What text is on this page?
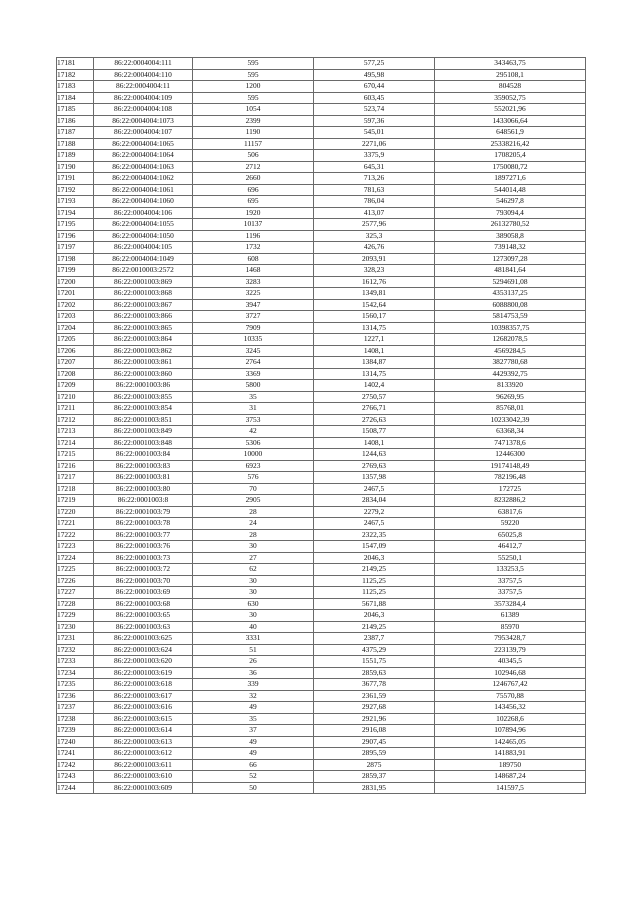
17181	86:22:0004004:111	595	577,25	343463,75
17182	86:22:0004004:110	595	495,98	295108,1
17183	86:22:0004004:11	1200	670,44	804528
17184	86:22:0004004:109	595	603,45	359052,75
17185	86:22:0004004:108	1054	523,74	552021,96
17186	86:22:0004004:1073	2399	597,36	1433066,64
17187	86:22:0004004:107	1190	545,01	648561,9
17188	86:22:0004004:1065	11157	2271,06	25338216,42
17189	86:22:0004004:1064	506	3375,9	1708205,4
17190	86:22:0004004:1063	2712	645,31	1750080,72
17191	86:22:0004004:1062	2660	713,26	1897271,6
17192	86:22:0004004:1061	696	781,63	544014,48
17193	86:22:0004004:1060	695	786,04	546297,8
17194	86:22:0004004:106	1920	413,07	793094,4
17195	86:22:0004004:1055	10137	2577,96	26132780,52
17196	86:22:0004004:1050	1196	325,3	389058,8
17197	86:22:0004004:105	1732	426,76	739148,32
17198	86:22:0004004:1049	608	2093,91	1273097,28
17199	86:22:0010003:2572	1468	328,23	481841,64
17200	86:22:0001003:869	3283	1612,76	5294691,08
17201	86:22:0001003:868	3225	1349,81	4353137,25
17202	86:22:0001003:867	3947	1542,64	6088800,08
17203	86:22:0001003:866	3727	1560,17	5814753,59
17204	86:22:0001003:865	7909	1314,75	10398357,75
17205	86:22:0001003:864	10335	1227,1	12682078,5
17206	86:22:0001003:862	3245	1408,1	4569284,5
17207	86:22:0001003:861	2764	1384,87	3827780,68
17208	86:22:0001003:860	3369	1314,75	4429392,75
17209	86:22:0001003:86	5800	1402,4	8133920
17210	86:22:0001003:855	35	2750,57	96269,95
17211	86:22:0001003:854	31	2766,71	85768,01
17212	86:22:0001003:851	3753	2726,63	10233042,39
17213	86:22:0001003:849	42	1508,77	63368,34
17214	86:22:0001003:848	5306	1408,1	7471378,6
17215	86:22:0001003:84	10000	1244,63	12446300
17216	86:22:0001003:83	6923	2769,63	19174148,49
17217	86:22:0001003:81	576	1357,98	782196,48
17218	86:22:0001003:80	70	2467,5	172725
17219	86:22:0001003:8	2905	2834,04	8232886,2
17220	86:22:0001003:79	28	2279,2	63817,6
17221	86:22:0001003:78	24	2467,5	59220
17222	86:22:0001003:77	28	2322,35	65025,8
17223	86:22:0001003:76	30	1547,09	46412,7
17224	86:22:0001003:73	27	2046,3	55250,1
17225	86:22:0001003:72	62	2149,25	133253,5
17226	86:22:0001003:70	30	1125,25	33757,5
17227	86:22:0001003:69	30	1125,25	33757,5
17228	86:22:0001003:68	630	5671,88	3573284,4
17229	86:22:0001003:65	30	2046,3	61389
17230	86:22:0001003:63	40	2149,25	85970
17231	86:22:0001003:625	3331	2387,7	7953428,7
17232	86:22:0001003:624	51	4375,29	223139,79
17233	86:22:0001003:620	26	1551,75	40345,5
17234	86:22:0001003:619	36	2859,63	102946,68
17235	86:22:0001003:618	339	3677,78	1246767,42
17236	86:22:0001003:617	32	2361,59	75570,88
17237	86:22:0001003:616	49	2927,68	143456,32
17238	86:22:0001003:615	35	2921,96	102268,6
17239	86:22:0001003:614	37	2916,08	107894,96
17240	86:22:0001003:613	49	2907,45	142465,05
17241	86:22:0001003:612	49	2895,59	141883,91
17242	86:22:0001003:611	66	2875	189750
17243	86:22:0001003:610	52	2859,37	148687,24
17244	86:22:0001003:609	50	2831,95	141597,5
